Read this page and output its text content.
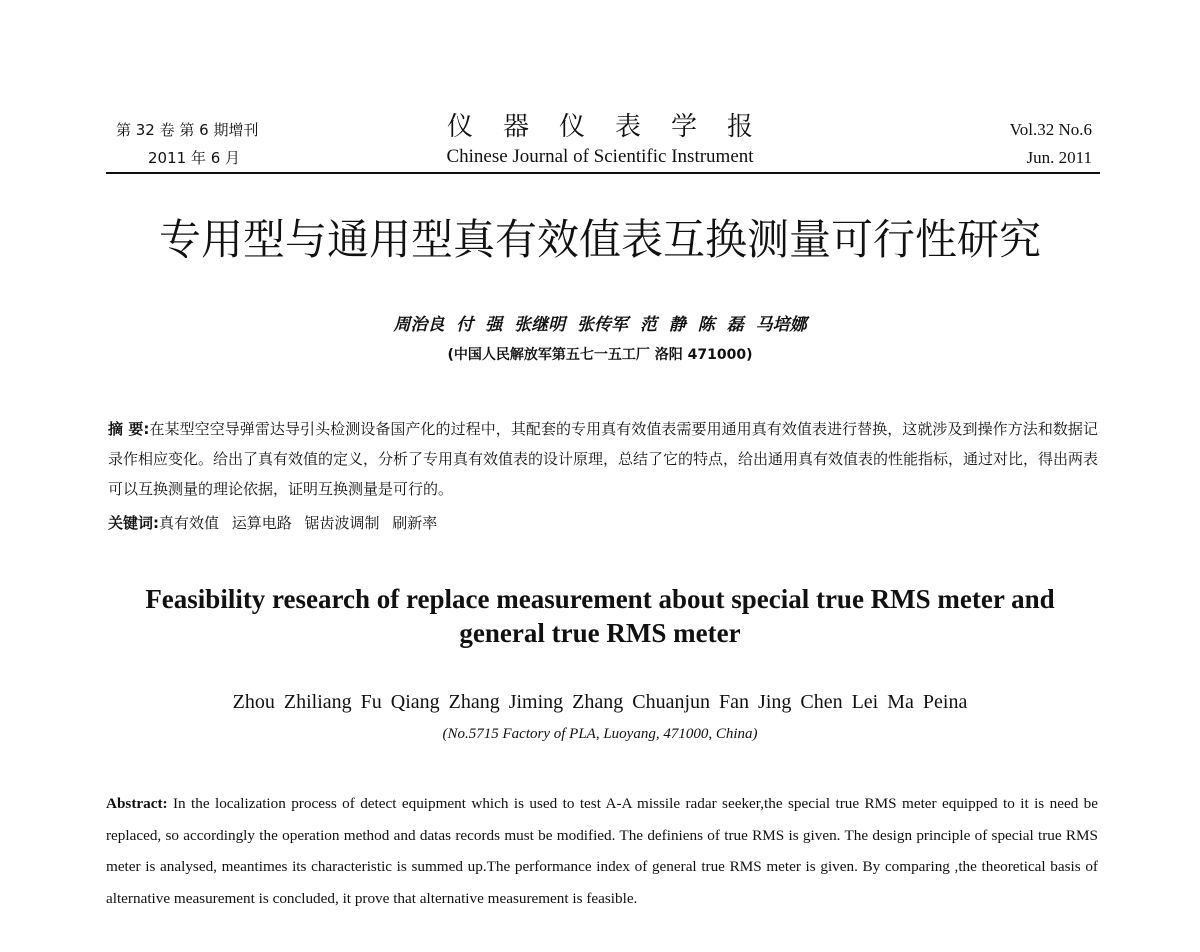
第 32 卷 第 6 期增刊
2011 年 6 月
仪器仪表学报
Chinese Journal of Scientific Instrument
Vol.32 No.6
Jun. 2011
专用型与通用型真有效值表互换测量可行性研究
周治良 付 强 张继明 张传军 范 静 陈 磊 马培娜
(中国人民解放军第五七一五工厂 洛阳 471000)

摘 要:在某型空空导弹雷达导引头检测设备国产化的过程中，其配套的专用真有效值表需要用通用真有效值表进行替换，这就涉及到操作方法和数据记录作相应变化。给出了真有效值的定义，分析了专用真有效值表的设计原理，总结了它的特点，给出通用真有效值表的性能指标，通过对比，得出两表可以互换测量的理论依据，证明互换测量是可行的。

关键词:真有效值 运算电路 锯齿波调制 刷新率

Feasibility research of replace measurement about special true RMS meter and general true RMS meter
Zhou Zhiliang Fu Qiang Zhang Jiming Zhang Chuanjun Fan Jing Chen Lei Ma Peina
(No.5715 Factory of PLA, Luoyang, 471000, China)

Abstract: In the localization process of detect equipment which is used to test A-A missile radar seeker,the special true RMS meter equipped to it is need be replaced, so accordingly the operation method and datas records must be modified. The definiens of true RMS is given. The design principle of special true RMS meter is analysed, meantimes its characteristic is summed up.The performance index of general true RMS meter is given. By comparing ,the theoretical basis of alternative measurement is concluded, it prove that alternative measurement is feasible.
